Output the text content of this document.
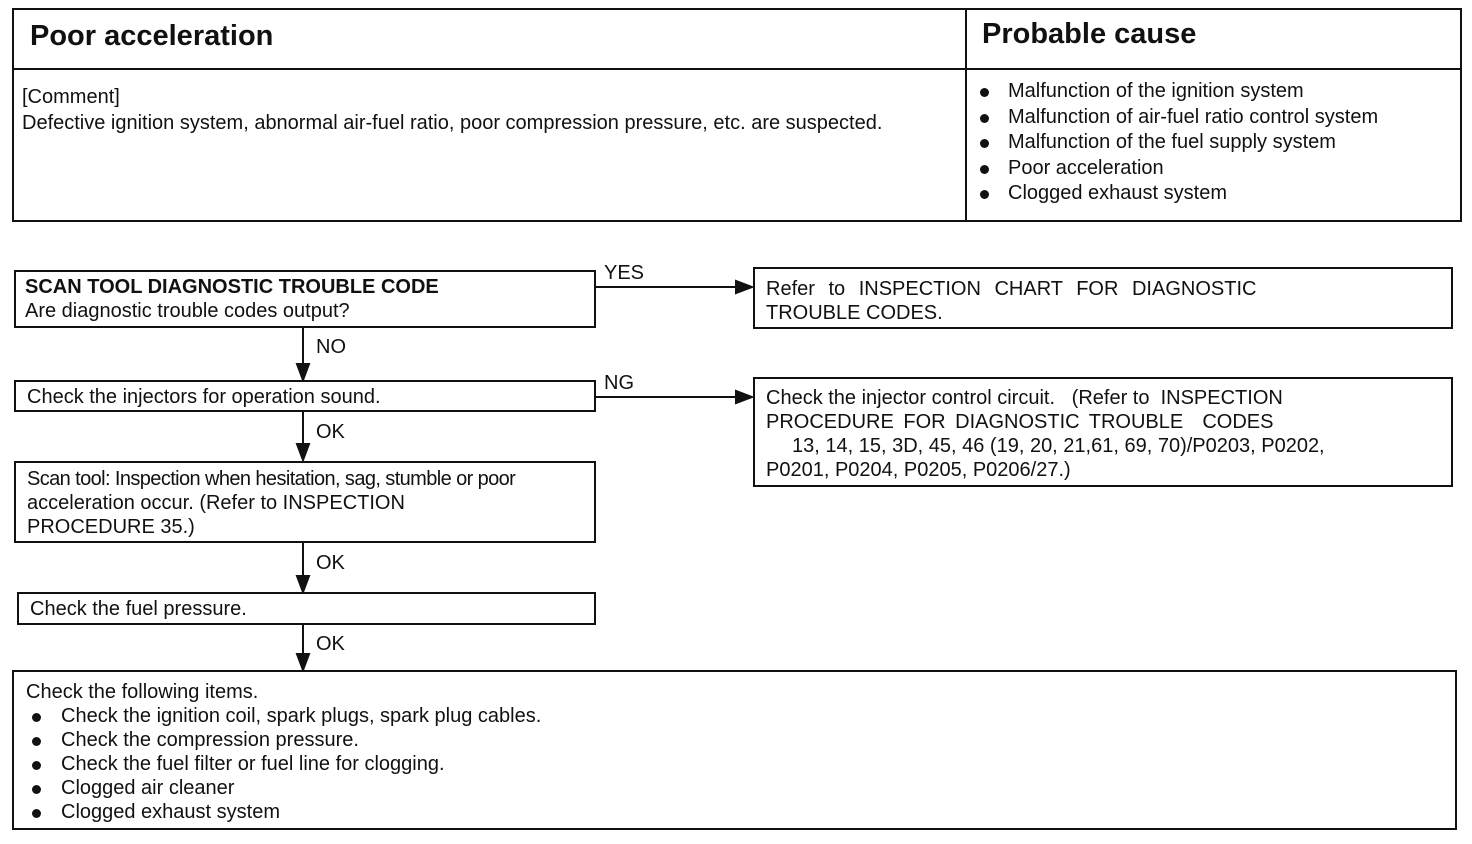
Poor acceleration	Probable cause
[Comment]
Defective ignition system, abnormal air-fuel ratio, poor compression pressure, etc. are suspected.
Malfunction of the ignition system
Malfunction of air-fuel ratio control system
Malfunction of the fuel supply system
Poor acceleration
Clogged exhaust system
YES
NG
NO
OK
OK
OK
SCAN TOOL DIAGNOSTIC TROUBLE CODE
Are diagnostic trouble codes output?
Refer to INSPECTION CHART FOR DIAGNOSTIC
TROUBLE CODES.
Check the injectors for operation sound.	Check the injector control circuit.   (Refer to  INSPECTION
PROCEDURE FOR DIAGNOSTIC TROUBLE  CODES
13, 14, 15, 3D, 45, 46 (19, 20, 21,61, 69, 70)/P0203, P0202,
P0201, P0204, P0205, P0206/27.)
Scan tool: Inspection when hesitation, sag, stumble or poor
acceleration occur. (Refer to INSPECTION
PROCEDURE 35.)
Check the fuel pressure.
Check the following items.
Check the ignition coil, spark plugs, spark plug cables.
Check the compression pressure.
Check the fuel filter or fuel line for clogging.
Clogged air cleaner
Clogged exhaust system
